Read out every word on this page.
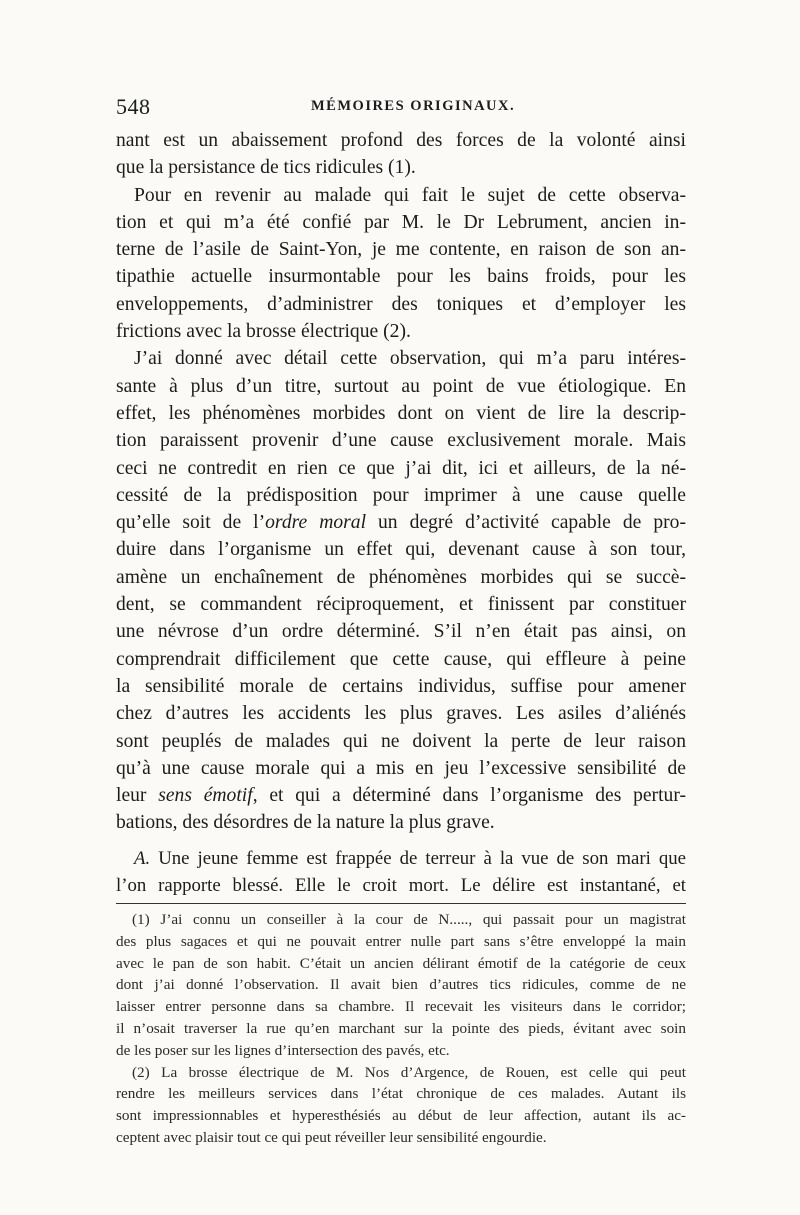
548	MÉMOIRES ORIGINAUX.
nant est un abaissement profond des forces de la volonté ainsi
que la persistance de tics ridicules (1).
Pour en revenir au malade qui fait le sujet de cette observa-
tion et qui m’a été confié par M. le Dr Lebrument, ancien in-
terne de l’asile de Saint-Yon, je me contente, en raison de son an-
tipathie actuelle insurmontable pour les bains froids, pour les
enveloppements, d’administrer des toniques et d’employer les
frictions avec la brosse électrique (2).
J’ai donné avec détail cette observation, qui m’a paru intéres-
sante à plus d’un titre, surtout au point de vue étiologique. En
effet, les phénomènes morbides dont on vient de lire la descrip-
tion paraissent provenir d’une cause exclusivement morale. Mais
ceci ne contredit en rien ce que j’ai dit, ici et ailleurs, de la né-
cessité de la prédisposition pour imprimer à une cause quelle
qu’elle soit de l’ordre moral un degré d’activité capable de pro-
duire dans l’organisme un effet qui, devenant cause à son tour,
amène un enchaînement de phénomènes morbides qui se succè-
dent, se commandent réciproquement, et finissent par constituer
une névrose d’un ordre déterminé. S’il n’en était pas ainsi, on
comprendrait difficilement que cette cause, qui effleure à peine
la sensibilité morale de certains individus, suffise pour amener
chez d’autres les accidents les plus graves. Les asiles d’aliénés
sont peuplés de malades qui ne doivent la perte de leur raison
qu’à une cause morale qui a mis en jeu l’excessive sensibilité de
leur sens émotif, et qui a déterminé dans l’organisme des pertur-
bations, des désordres de la nature la plus grave.
A. Une jeune femme est frappée de terreur à la vue de son mari que
l’on rapporte blessé. Elle le croit mort. Le délire est instantané, et
(1) J’ai connu un conseiller à la cour de N....., qui passait pour un magistrat
des plus sagaces et qui ne pouvait entrer nulle part sans s’être enveloppé la main
avec le pan de son habit. C’était un ancien délirant émotif de la catégorie de ceux
dont j’ai donné l’observation. Il avait bien d’autres tics ridicules, comme de ne
laisser entrer personne dans sa chambre. Il recevait les visiteurs dans le corridor;
il n’osait traverser la rue qu’en marchant sur la pointe des pieds, évitant avec soin
de les poser sur les lignes d’intersection des pavés, etc.
(2) La brosse électrique de M. Nos d’Argence, de Rouen, est celle qui peut
rendre les meilleurs services dans l’état chronique de ces malades. Autant ils
sont impressionnables et hyperesthésiés au début de leur affection, autant ils ac-
ceptent avec plaisir tout ce qui peut réveiller leur sensibilité engourdie.
